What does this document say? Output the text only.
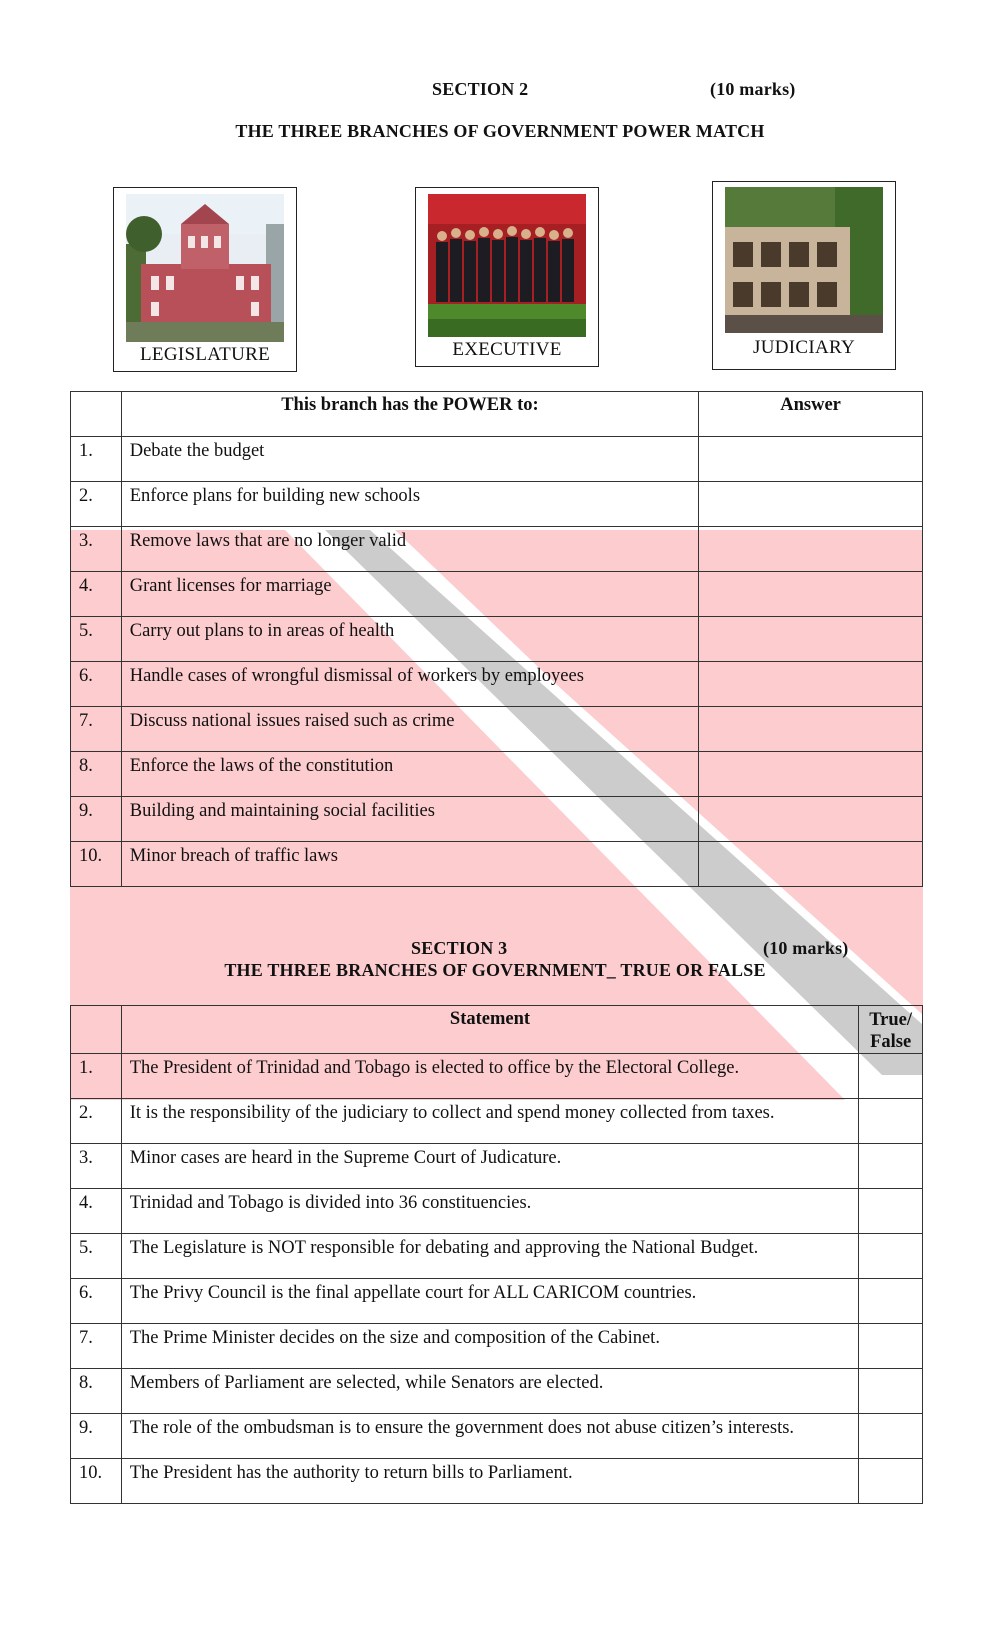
SECTION 2	(10 marks)
THE THREE BRANCHES OF GOVERNMENT POWER MATCH
LEGISLATURE	EXECUTIVE	JUDICIARY
	This branch has the POWER to:	Answer
1.	Debate the budget	
2.	Enforce plans for building new schools	
3.	Remove laws that are no longer valid	
4.	Grant licenses for marriage	
5.	Carry out plans to in areas of health	
6.	Handle cases of wrongful dismissal of workers by employees	
7.	Discuss national issues raised such as crime	
8.	Enforce the laws of the constitution	
9.	Building and maintaining social facilities	
10.	Minor breach of traffic laws	
SECTION 3	(10 marks)
THE THREE BRANCHES OF GOVERNMENT_ TRUE OR FALSE
	Statement	True/
False

1.	The President of Trinidad and Tobago is elected to office by the Electoral College.	
2.	It is the responsibility of the judiciary to collect and spend money collected from taxes.	
3.	Minor cases are heard in the Supreme Court of Judicature.	
4.	Trinidad and Tobago is divided into 36 constituencies.	
5.	The Legislature is NOT responsible for debating and approving the National Budget.	
6.	The Privy Council is the final appellate court for ALL CARICOM countries.	
7.	The Prime Minister decides on the size and composition of the Cabinet.	
8.	Members of Parliament are selected, while Senators are elected.	
9.	The role of the ombudsman is to ensure the government does not abuse citizen’s interests.	
10.	The President has the authority to return bills to Parliament.	
